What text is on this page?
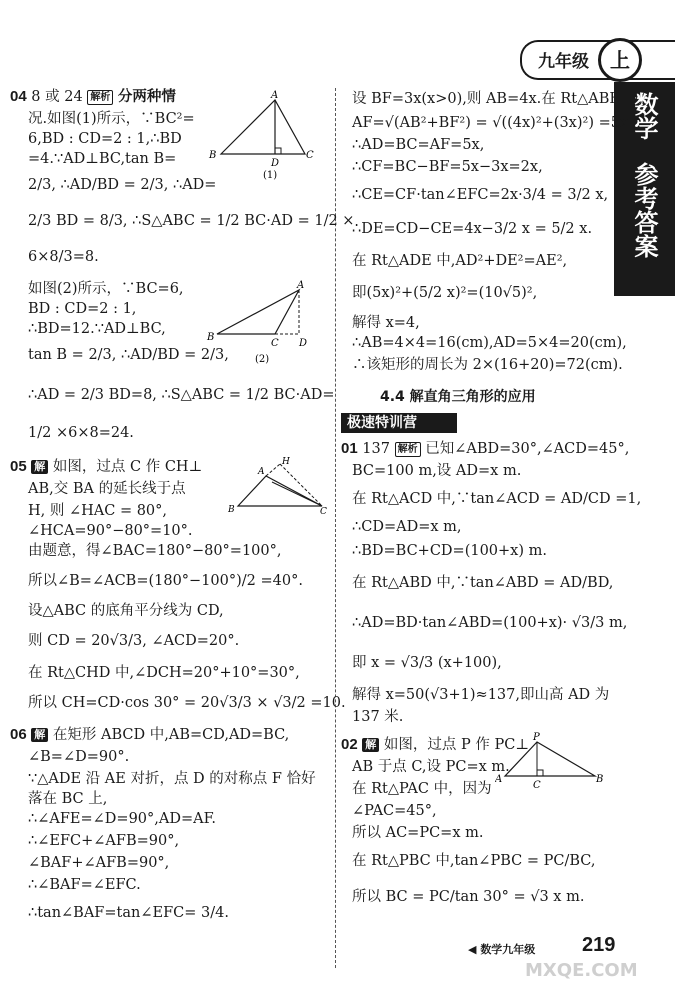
九年级	上
数学
参考答案
04 8 或 24 解析 分两种情
况.如图(1)所示，∵BC²=
6,BD : CD=2 : 1,∴BD
=4.∵AD⊥BC,tan B=
2/3, ∴AD/BD = 2/3, ∴AD=
2/3 BD = 8/3, ∴S△ABC = 1/2 BC·AD = 1/2 ×
6×8/3=8.
如图(2)所示，∵BC=6,
BD : CD=2 : 1,
∴BD=12.∵AD⊥BC,
tan B = 2/3, ∴AD/BD = 2/3,
∴AD = 2/3 BD=8, ∴S△ABC = 1/2 BC·AD=
1/2 ×6×8=24.
A
B
D
C
(1)
A
B
C D
(2)
05 解 如图，过点 C 作 CH⊥
AB,交 BA 的延长线于点
H, 则 ∠HAC = 80°,
∠HCA=90°−80°=10°.
由题意，得∠BAC=180°−80°=100°,
所以∠B=∠ACB=(180°−100°)/2 =40°.
设△ABC 的底角平分线为 CD,
则 CD = 20√3/3, ∠ACD=20°.
在 Rt△CHD 中,∠DCH=20°+10°=30°,
所以 CH=CD·cos 30° = 20√3/3 × √3/2 =10.
A
H
B	C
06 解 在矩形 ABCD 中,AB=CD,AD=BC,
∠B=∠D=90°.
∵△ADE 沿 AE 对折，点 D 的对称点 F 恰好
落在 BC 上,
∴∠AFE=∠D=90°,AD=AF.
∴∠EFC+∠AFB=90°,
∠BAF+∠AFB=90°,
∴∠BAF=∠EFC.
∴tan∠BAF=tan∠EFC= 3/4.
设 BF=3x(x>0),则 AB=4x.在 Rt△ABF 中,
AF=√(AB²+BF²) = √((4x)²+(3x)²) =5x,
∴AD=BC=AF=5x,
∴CF=BC−BF=5x−3x=2x,
∴CE=CF·tan∠EFC=2x·3/4 = 3/2 x,
∴DE=CD−CE=4x−3/2 x = 5/2 x.
在 Rt△ADE 中,AD²+DE²=AE²,
即(5x)²+(5/2 x)²=(10√5)²,
解得 x=4,
∴AB=4×4=16(cm),AD=5×4=20(cm),
∴该矩形的周长为 2×(16+20)=72(cm).
4.4 解直角三角形的应用
极速特训营
01 137 解析 已知∠ABD=30°,∠ACD=45°,
BC=100 m,设 AD=x m.
在 Rt△ACD 中,∵tan∠ACD = AD/CD =1,
∴CD=AD=x m,
∴BD=BC+CD=(100+x) m.
在 Rt△ABD 中,∵tan∠ABD = AD/BD,
∴AD=BD·tan∠ABD=(100+x)· √3/3 m,
即 x = √3/3 (x+100),
解得 x=50(√3+1)≈137,即山高 AD 为
137 米.
02 解 如图，过点 P 作 PC⊥
AB 于点 C,设 PC=x m.
在 Rt△PAC 中，因为
∠PAC=45°,
所以 AC=PC=x m.
在 Rt△PBC 中,tan∠PBC = PC/BC,
所以 BC = PC/tan 30° = √3 x m.
P
A
C
B
◀ 数学九年级 219
MXQE.COM
